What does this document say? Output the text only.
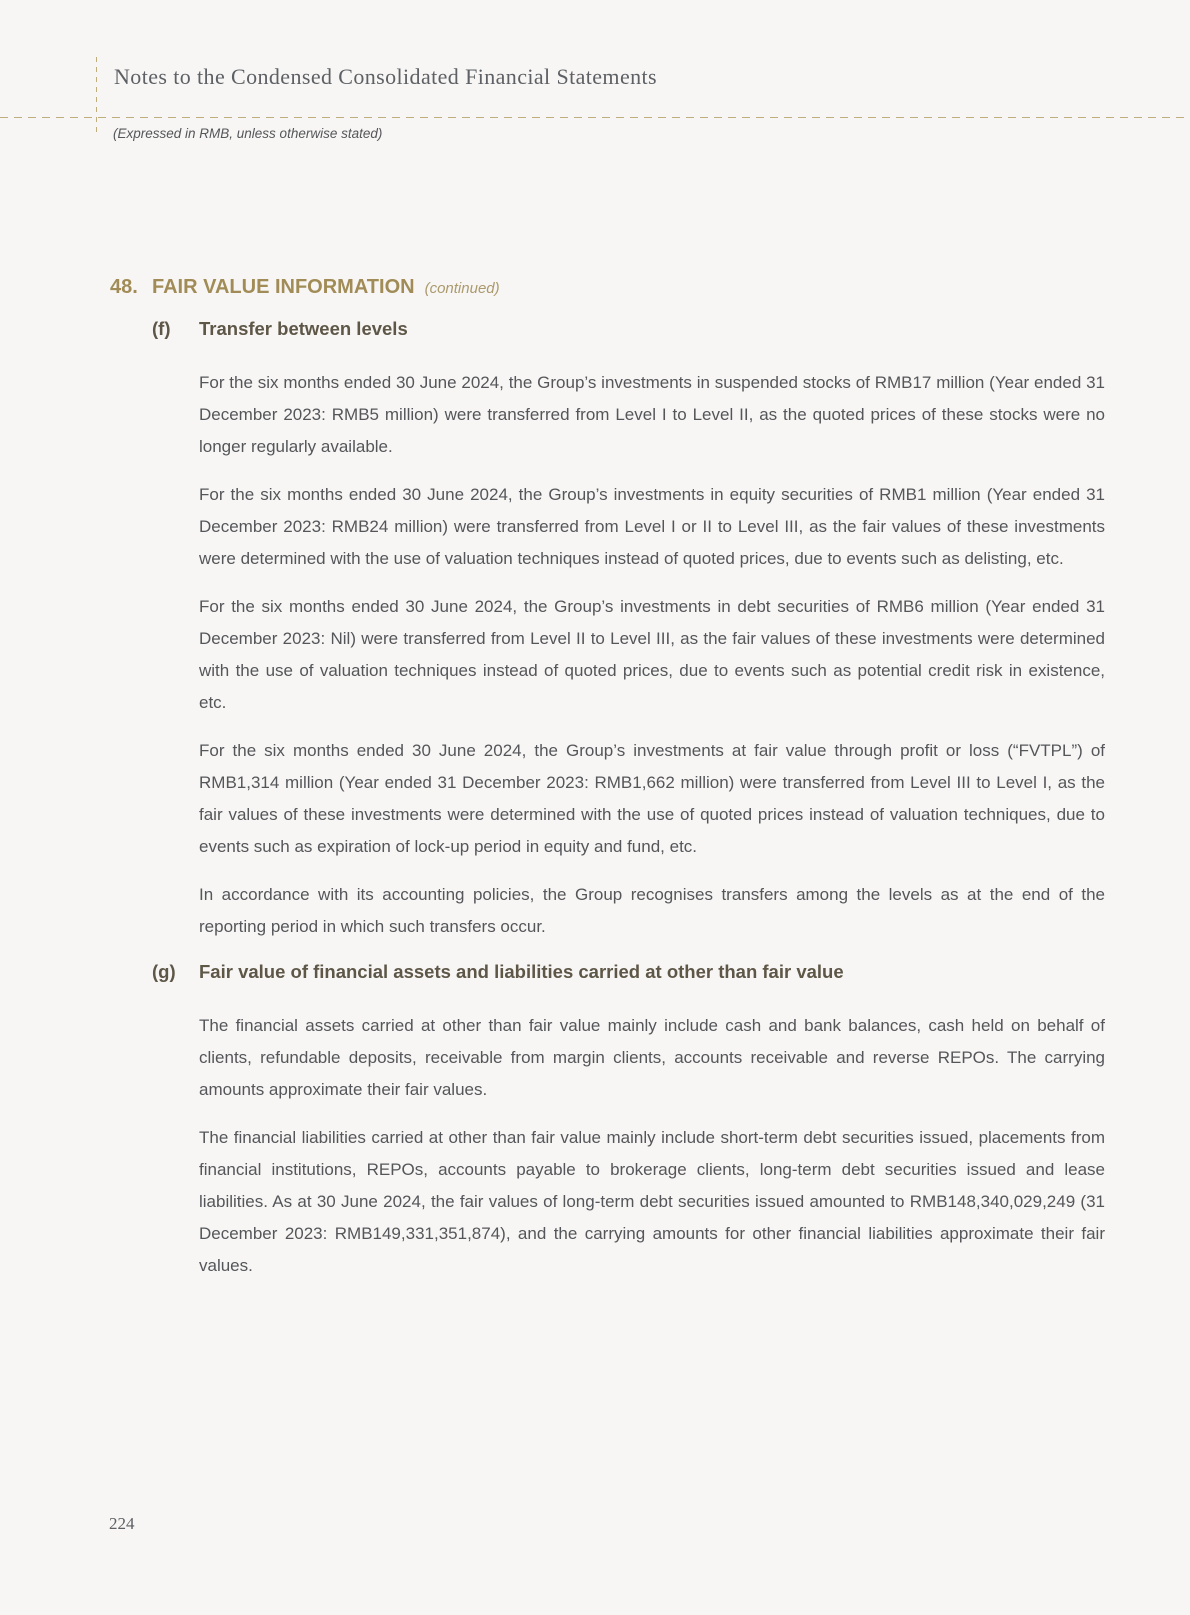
Notes to the Condensed Consolidated Financial Statements
(Expressed in RMB, unless otherwise stated)
48. FAIR VALUE INFORMATION (continued)
(f)	Transfer between levels

For the six months ended 30 June 2024, the Group’s investments in suspended stocks of RMB17 million (Year ended 31 December 2023: RMB5 million) were transferred from Level I to Level II, as the quoted prices of these stocks were no longer regularly available.

For the six months ended 30 June 2024, the Group’s investments in equity securities of RMB1 million (Year ended 31 December 2023: RMB24 million) were transferred from Level I or II to Level III, as the fair values of these investments were determined with the use of valuation techniques instead of quoted prices, due to events such as delisting, etc.

For the six months ended 30 June 2024, the Group’s investments in debt securities of RMB6 million (Year ended 31 December 2023: Nil) were transferred from Level II to Level III, as the fair values of these investments were determined with the use of valuation techniques instead of quoted prices, due to events such as potential credit risk in existence, etc.

For the six months ended 30 June 2024, the Group’s investments at fair value through profit or loss (“FVTPL”) of RMB1,314 million (Year ended 31 December 2023: RMB1,662 million) were transferred from Level III to Level I, as the fair values of these investments were determined with the use of quoted prices instead of valuation techniques, due to events such as expiration of lock-up period in equity and fund, etc.

In accordance with its accounting policies, the Group recognises transfers among the levels as at the end of the reporting period in which such transfers occur.

(g)	Fair value of financial assets and liabilities carried at other than fair value

The financial assets carried at other than fair value mainly include cash and bank balances, cash held on behalf of clients, refundable deposits, receivable from margin clients, accounts receivable and reverse REPOs. The carrying amounts approximate their fair values.

The financial liabilities carried at other than fair value mainly include short-term debt securities issued, placements from financial institutions, REPOs, accounts payable to brokerage clients, long-term debt securities issued and lease liabilities. As at 30 June 2024, the fair values of long-term debt securities issued amounted to RMB148,340,029,249 (31 December 2023: RMB149,331,351,874), and the carrying amounts for other financial liabilities approximate their fair values.

224
